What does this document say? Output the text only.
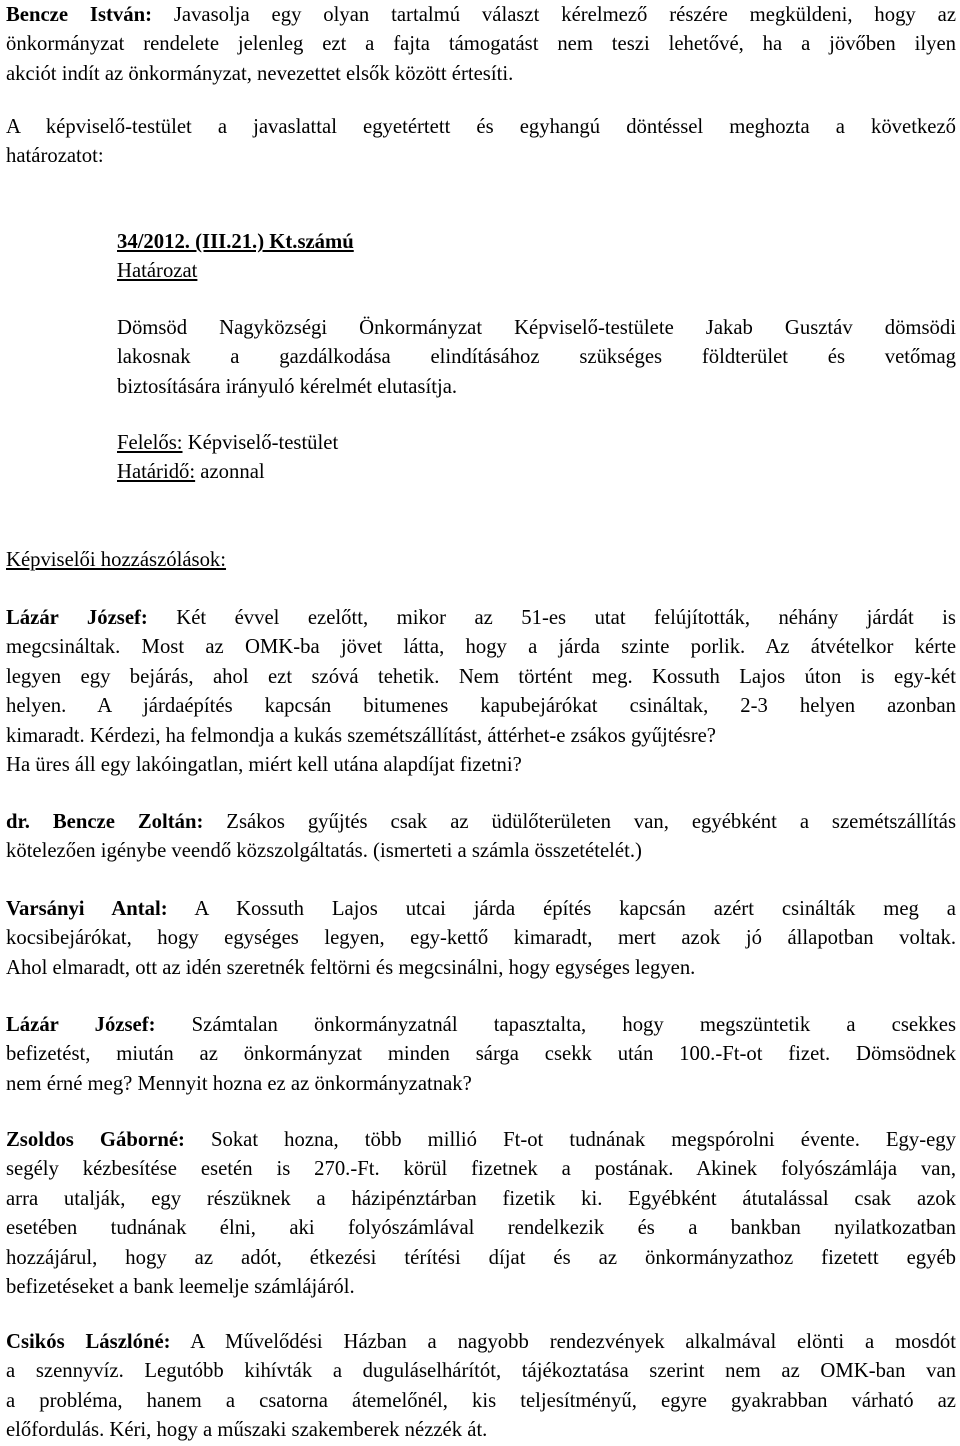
Bencze István: Javasolja egy olyan tartalmú választ kérelmező részére megküldeni, hogy az
önkormányzat rendelete jelenleg ezt a fajta támogatást nem teszi lehetővé, ha a jövőben ilyen
akciót indít az önkormányzat, nevezettet elsők között értesíti.
A képviselő-testület a javaslattal egyetértett és egyhangú döntéssel meghozta a következő
határozatot:
34/2012. (III.21.) Kt.számú
Határozat
Dömsöd Nagyközségi Önkormányzat Képviselő-testülete Jakab Gusztáv dömsödi
lakosnak a gazdálkodása elindításához szükséges földterület és vetőmag
biztosítására irányuló kérelmét elutasítja.
Felelős: Képviselő-testület
Határidő: azonnal
Képviselői hozzászólások:
Lázár József: Két évvel ezelőtt, mikor az 51-es utat felújították, néhány járdát is
megcsináltak. Most az OMK-ba jövet látta, hogy a járda szinte porlik. Az átvételkor kérte
legyen egy bejárás, ahol ezt szóvá tehetik. Nem történt meg. Kossuth Lajos úton is egy-két
helyen. A járdaépítés kapcsán bitumenes kapubejárókat csináltak, 2-3 helyen azonban
kimaradt. Kérdezi, ha felmondja a kukás szemétszállítást, áttérhet-e zsákos gyűjtésre?
Ha üres áll egy lakóingatlan, miért kell utána alapdíjat fizetni?
dr. Bencze Zoltán: Zsákos gyűjtés csak az üdülőterületen van, egyébként a szemétszállítás
kötelezően igénybe veendő közszolgáltatás. (ismerteti a számla összetételét.)
Varsányi Antal: A Kossuth Lajos utcai járda építés kapcsán azért csinálták meg a
kocsibejárókat, hogy egységes legyen, egy-kettő kimaradt, mert azok jó állapotban voltak.
Ahol elmaradt, ott az idén szeretnék feltörni és megcsinálni, hogy egységes legyen.
Lázár József: Számtalan önkormányzatnál tapasztalta, hogy megszüntetik a csekkes
befizetést, miután az önkormányzat minden sárga csekk után 100.-Ft-ot fizet. Dömsödnek
nem érné meg? Mennyit hozna ez az önkormányzatnak?
Zsoldos Gáborné: Sokat hozna, több millió Ft-ot tudnának megspórolni évente. Egy-egy
segély kézbesítése esetén is 270.-Ft. körül fizetnek a postának. Akinek folyószámlája van,
arra utalják, egy részüknek a házipénztárban fizetik ki. Egyébként átutalással csak azok
esetében tudnának élni, aki folyószámlával rendelkezik és a bankban nyilatkozatban
hozzájárul, hogy az adót, étkezési térítési díjat és az önkormányzathoz fizetett egyéb
befizetéseket a bank leemelje számlájáról.
Csikós Lászlóné: A Művelődési Házban a nagyobb rendezvények alkalmával elönti a mosdót
a szennyvíz. Legutóbb kihívták a duguláselhárítót, tájékoztatása szerint nem az OMK-ban van
a probléma, hanem a csatorna átemelőnél, kis teljesítményű, egyre gyakrabban várható az
előfordulás. Kéri, hogy a műszaki szakemberek nézzék át.
